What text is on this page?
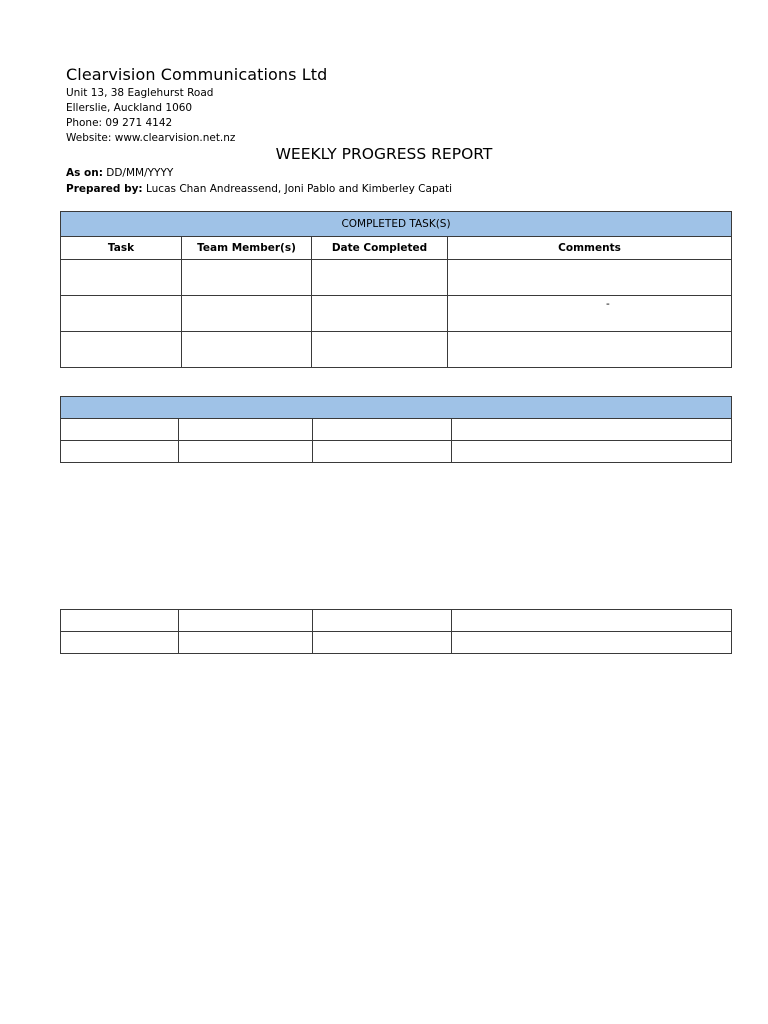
Clearvision Communications Ltd
Unit 13, 38 Eaglehurst Road
Ellerslie, Auckland 1060
Phone: 09 271 4142
Website: www.clearvision.net.nz
WEEKLY PROGRESS REPORT
As on: DD/MM/YYYY
Prepared by: Lucas Chan Andreassend, Joni Pablo and Kimberley Capati
COMPLETED TASK(S)			
Task	Team Member(s)	Date Completed	Comments

			-
